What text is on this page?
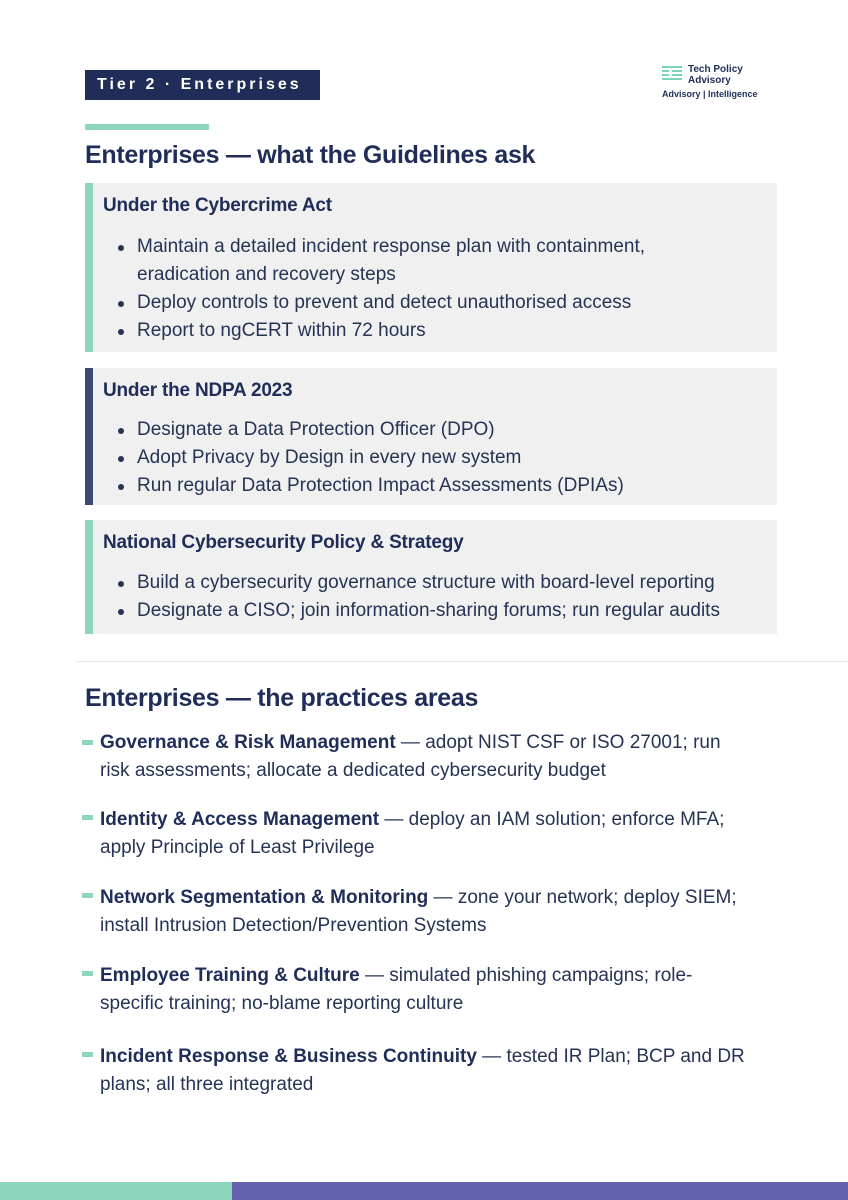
Tier 2 · Enterprises
Tech Policy
Advisory
Advisory | Intelligence
Enterprises — what the Guidelines ask
Under the Cybercrime Act
Maintain a detailed incident response plan with containment,
eradication and recovery steps
Deploy controls to prevent and detect unauthorised access
Report to ngCERT within 72 hours
Under the NDPA 2023
Designate a Data Protection Officer (DPO)
Adopt Privacy by Design in every new system
Run regular Data Protection Impact Assessments (DPIAs)
National Cybersecurity Policy & Strategy
Build a cybersecurity governance structure with board-level reporting
Designate a CISO; join information-sharing forums; run regular audits
Enterprises — the practices areas
Governance & Risk Management — adopt NIST CSF or ISO 27001; run
risk assessments; allocate a dedicated cybersecurity budget
Identity & Access Management — deploy an IAM solution; enforce MFA;
apply Principle of Least Privilege
Network Segmentation & Monitoring — zone your network; deploy SIEM;
install Intrusion Detection/Prevention Systems
Employee Training & Culture — simulated phishing campaigns; role-
specific training; no-blame reporting culture
Incident Response & Business Continuity — tested IR Plan; BCP and DR
plans; all three integrated
